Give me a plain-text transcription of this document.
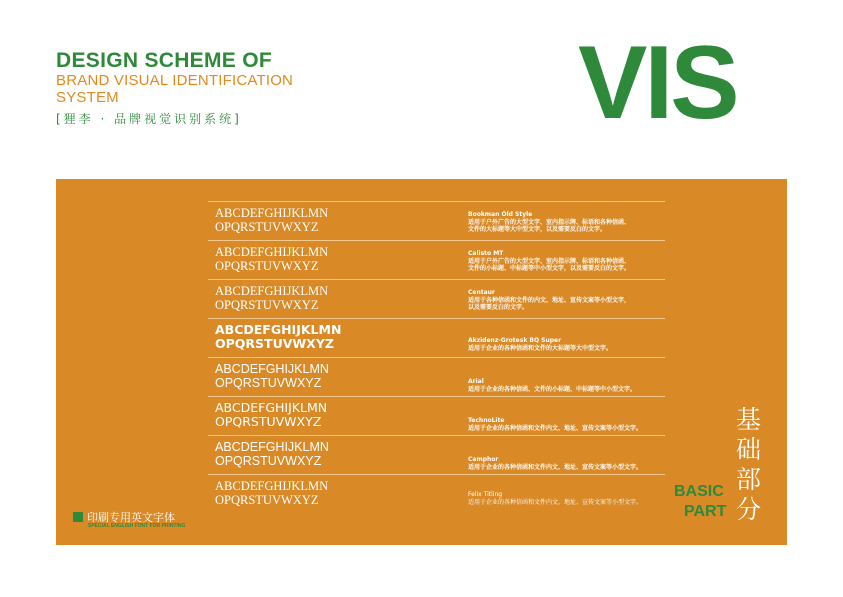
DESIGN SCHEME OF
BRAND VISUAL IDENTIFICATION
SYSTEM
[狸李 · 品牌视觉识别系统]	VIS
ABCDEFGHIJKLMN
OPQRSTUVWXYZ
Bookman Old Style
适用于户外广告的大型文字、室内指示牌、标语和各种信函、
文件的大标题等大中型文字，以及需要反白的文字。
ABCDEFGHIJKLMN
OPQRSTUVWXYZ
Calisto MT
适用于户外广告的大型文字、室内指示牌、标语和各种信函、
文件的小标题、中标题等中小型文字，以及需要反白的文字。
ABCDEFGHIJKLMN
OPQRSTUVWXYZ
Centaur
适用于各种信函和文件的内文、地址、宣传文案等小型文字，
以及需要反白的文字。
ABCDEFGHIJKLMN
OPQRSTUVWXYZ	Akzidenz-Grotesk BQ Super
适用于企业的各种信函和文件的大标题等大中型文字。
ABCDEFGHIJKLMN
OPQRSTUVWXYZ	Arial
适用于企业的各种信函、文件的小标题、中标题等中小型文字。
ABCDEFGHIJKLMN
OPQRSTUVWXYZ	TechnoLite
适用于企业的各种信函和文件内文、地址、宣传文案等小型文字。
ABCDEFGHIJKLMN
OPQRSTUVWXYZ	Camphor
适用于企业的各种信函和文件内文、地址、宣传文案等小型文字。
ABCDEFGHIJKLMN
OPQRSTUVWXYZ	Felix Titling
适用于企业的各种信函和文件内文、地址、宣传文案等小型文字。
印刷专用英文字体
SPECIAL ENGLISH FONT FOR PRINTING
BASIC
PART
基础部分
